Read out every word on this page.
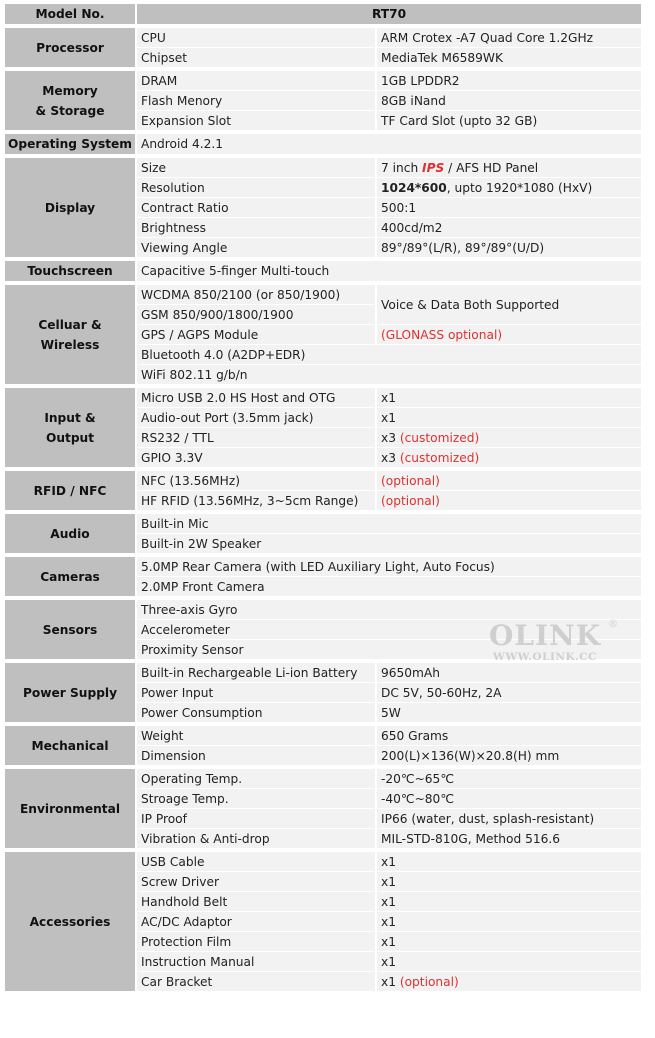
Model No.	RT70	

Processor	CPU	ARM Crotex -A7 Quad Core 1.2GHz
	Chipset	MediaTek M6589WK

Memory
& Storage	DRAM	1GB LPDDR2
	Flash Menory	8GB iNand
	Expansion Slot	TF Card Slot (upto 32 GB)

Operating System	Android 4.2.1	

Display	Size	7 inch IPS / AFS HD Panel
	Resolution	1024*600, upto 1920*1080 (HxV)
	Contract Ratio	500:1
	Brightness	400cd/m2
	Viewing Angle	89°/89°(L/R), 89°/89°(U/D)

Touchscreen	Capacitive 5-finger Multi-touch	

Celluar &
Wireless	WCDMA 850/2100 (or 850/1900)	Voice & Data Both Supported
	GSM 850/900/1800/1900	
	GPS / AGPS Module	(GLONASS optional)
	Bluetooth 4.0 (A2DP+EDR)	
	WiFi 802.11 g/b/n	

Input &
Output	Micro USB 2.0 HS Host and OTG	x1
	Audio-out Port (3.5mm jack)	x1
	RS232 / TTL	x3 (customized)
	GPIO 3.3V	x3 (customized)

RFID / NFC	NFC (13.56MHz)	(optional)
	HF RFID (13.56MHz, 3~5cm Range)	(optional)

Audio	Built-in Mic	
	Built-in 2W Speaker	

Cameras	5.0MP Rear Camera (with LED Auxiliary Light, Auto Focus)	
	2.0MP Front Camera	

Sensors	Three-axis Gyro	
	Accelerometer	
	Proximity Sensor	

Power Supply	Built-in Rechargeable Li-ion Battery	9650mAh
	Power Input	DC 5V, 50-60Hz, 2A
	Power Consumption	5W

Mechanical	Weight	650 Grams
	Dimension	200(L)×136(W)×20.8(H) mm

Environmental	Operating Temp.	-20℃~65℃
	Stroage Temp.	-40℃~80℃
	IP Proof	IP66 (water, dust, splash-resistant)
	Vibration & Anti-drop	MIL-STD-810G, Method 516.6

Accessories	USB Cable	x1
	Screw Driver	x1
	Handhold Belt	x1
	AC/DC Adaptor	x1
	Protection Film	x1
	Instruction Manual	x1
	Car Bracket	x1 (optional)
OLINK ®
WWW.OLINK.CC
